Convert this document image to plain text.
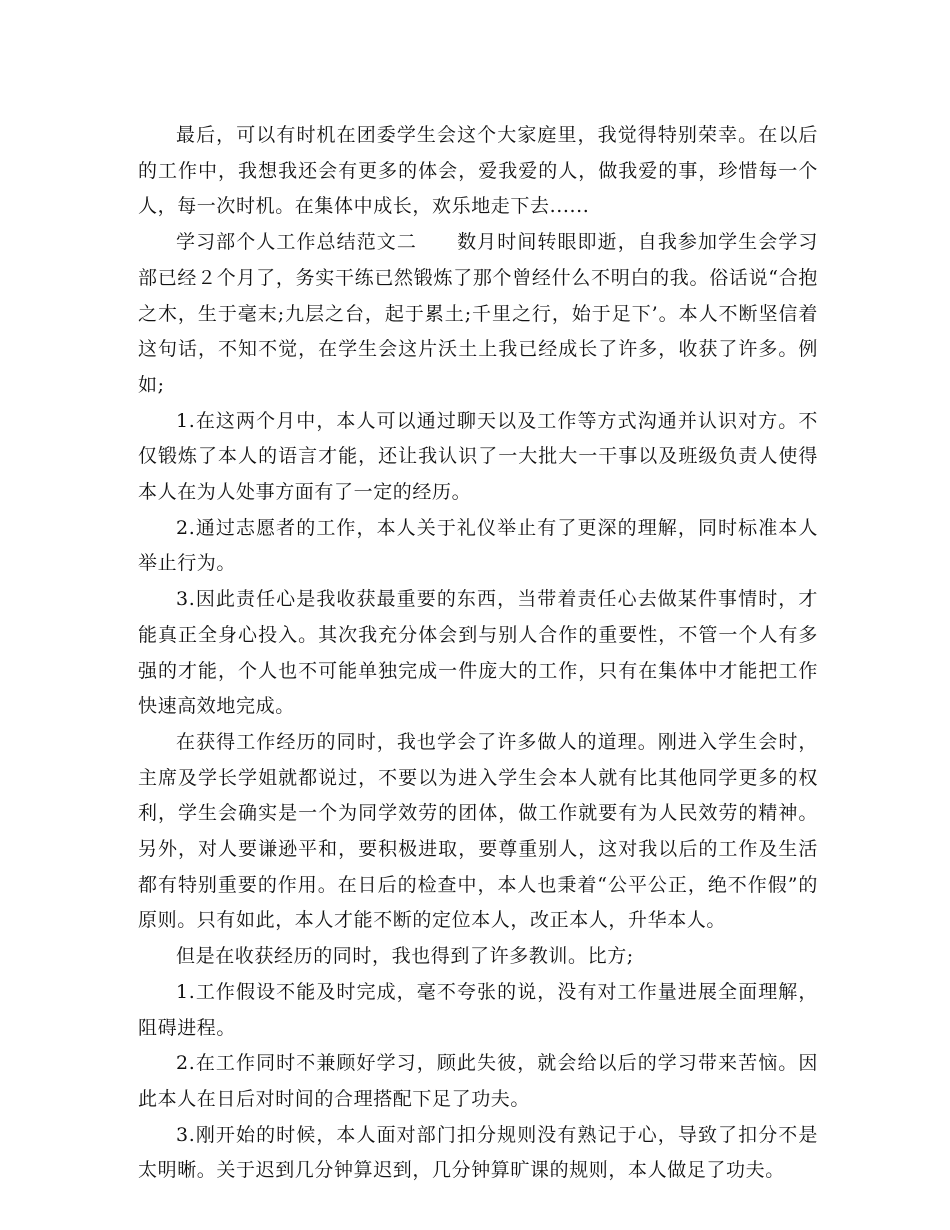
最后，可以有时机在团委学生会这个大家庭里，我觉得特别荣幸。在以后的工作中，我想我还会有更多的体会，爱我爱的人，做我爱的事，珍惜每一个人，每一次时机。在集体中成长，欢乐地走下去......

学习部个人工作总结范文二　　数月时间转眼即逝，自我参加学生会学习部已经２个月了，务实干练已然锻炼了那个曾经什么不明白的我。俗话说“合抱之木，生于毫末;九层之台，起于累土;千里之行，始于足下’。本人不断坚信着这句话，不知不觉，在学生会这片沃土上我已经成长了许多，收获了许多。例如;

1.在这两个月中，本人可以通过聊天以及工作等方式沟通并认识对方。不仅锻炼了本人的语言才能，还让我认识了一大批大一干事以及班级负责人使得本人在为人处事方面有了一定的经历。

2.通过志愿者的工作，本人关于礼仪举止有了更深的理解，同时标准本人举止行为。

3.因此责任心是我收获最重要的东西，当带着责任心去做某件事情时，才能真正全身心投入。其次我充分体会到与别人合作的重要性，不管一个人有多强的才能，个人也不可能单独完成一件庞大的工作，只有在集体中才能把工作快速高效地完成。

在获得工作经历的同时，我也学会了许多做人的道理。刚进入学生会时，主席及学长学姐就都说过，不要以为进入学生会本人就有比其他同学更多的权利，学生会确实是一个为同学效劳的团体，做工作就要有为人民效劳的精神。另外，对人要谦逊平和，要积极进取，要尊重别人，这对我以后的工作及生活都有特别重要的作用。在日后的检查中，本人也秉着“公平公正，绝不作假”的原则。只有如此，本人才能不断的定位本人，改正本人，升华本人。

但是在收获经历的同时，我也得到了许多教训。比方;

1.工作假设不能及时完成，毫不夸张的说，没有对工作量进展全面理解，阻碍进程。

2.在工作同时不兼顾好学习，顾此失彼，就会给以后的学习带来苦恼。因此本人在日后对时间的合理搭配下足了功夫。

3.刚开始的时候，本人面对部门扣分规则没有熟记于心，导致了扣分不是太明晰。关于迟到几分钟算迟到，几分钟算旷课的规则，本人做足了功夫。
